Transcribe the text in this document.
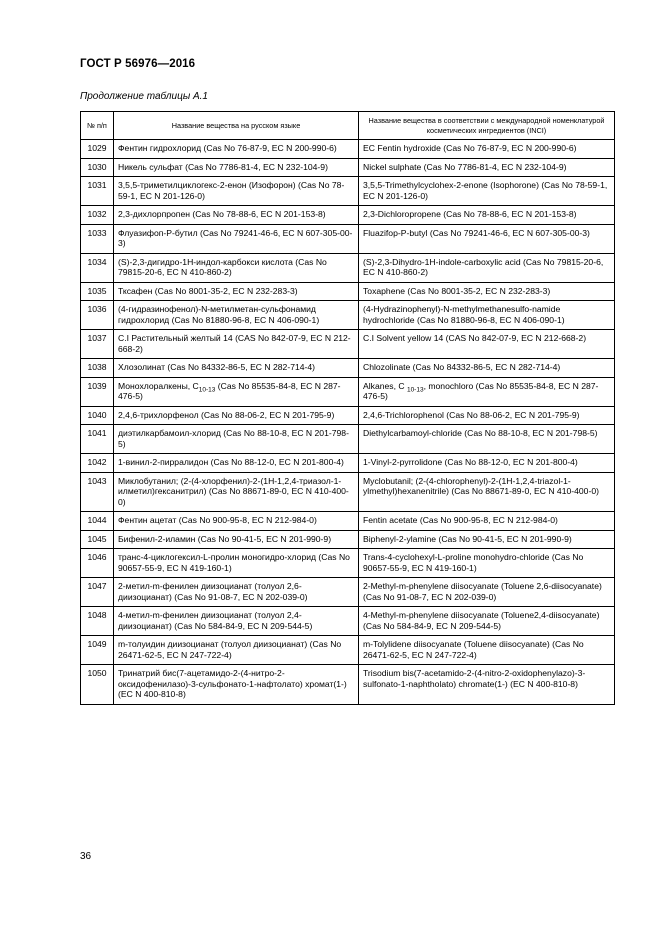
ГОСТ Р 56976—2016
Продолжение таблицы А.1
№ п/п	Название вещества на русском языке	Название вещества в соответствии с международной номенклатурой косметических ингредиентов (INCI)
1029	Фентин гидрохлорид (Cas No 76-87-9, EC N 200-990-6)	EC Fentin hydroxide (Cas No 76-87-9, EC N 200-990-6)
1030	Никель сульфат (Cas No 7786-81-4, EC N 232-104-9)	Nickel sulphate (Cas No 7786-81-4, EC N 232-104-9)
1031	3,5,5-триметилциклогекс-2-енон (Изофорон) (Cas No 78-59-1, EC N 201-126-0)	3,5,5-Trimethylcyclohex-2-enone (Isophorone) (Cas No 78-59-1, EC N 201-126-0)
1032	2,3-дихлорпропен (Cas No 78-88-6, EC N 201-153-8)	2,3-Dichloropropene (Cas No 78-88-6, EC N 201-153-8)
1033	Флуазифоп-Р-бутил (Cas No 79241-46-6, EC N 607-305-00-3)	Fluazifop-P-butyl (Cas No 79241-46-6, EC N 607-305-00-3)
1034	(S)-2,3-дигидро-1H-индол-карбокси кислота (Cas No 79815-20-6, EC N 410-860-2)	(S)-2,3-Dihydro-1H-indole-carboxylic acid (Cas No 79815-20-6, EC N 410-860-2)
1035	Тксафен (Cas No 8001-35-2, EC N 232-283-3)	Toxaphene (Cas No 8001-35-2, EC N 232-283-3)
1036	(4-гидразинофенол)-N-метилметан-сульфонамид гидрохлорид (Cas No 81880-96-8, EC N 406-090-1)	(4-Hydrazinophenyl)-N-methylmethanesulfo-namide hydrochloride (Cas No 81880-96-8, EC N 406-090-1)
1037	C.I Растительный желтый 14 (CAS No 842-07-9, EC N 212-668-2)	C.I Solvent yellow 14 (CAS No 842-07-9, EC N 212-668-2)
1038	Хлозолинат (Cas No 84332-86-5, EC N 282-714-4)	Chlozolinate (Cas No 84332-86-5, EC N 282-714-4)
1039	Монохлоралкены, $C_{10-13}$ (Cas No 85535-84-8, EC N 287-476-5)	Alkanes, C $_{10-13}$, monochloro (Cas No 85535-84-8, EC N 287-476-5)
1040	2,4,6-трихлорфенол (Cas No 88-06-2, EC N 201-795-9)	2,4,6-Trichlorophenol (Cas No 88-06-2, EC N 201-795-9)
1041	диэтилкарбамоил-хлорид (Cas No 88-10-8, EC N 201-798-5)	Diethylcarbamoyl-chloride (Cas No 88-10-8, EC N 201-798-5)
1042	1-винил-2-пирралидон (Cas No 88-12-0, EC N 201-800-4)	1-Vinyl-2-pyrrolidone (Cas No 88-12-0, EC N 201-800-4)
1043	Миклобутанил; (2-(4-хлорфенил)-2-(1H-1,2,4-триазол-1-илметил)гексанитрил) (Cas No 88671-89-0, EC N 410-400-0)	Myclobutanil; (2-(4-chlorophenyl)-2-(1H-1,2,4-triazol-1-ylmethyl)hexanenitrile) (Cas No 88671-89-0, EC N 410-400-0)
1044	Фентин ацетат (Cas No 900-95-8, EC N 212-984-0)	Fentin acetate (Cas No 900-95-8, EC N 212-984-0)
1045	Бифенил-2-иламин (Cas No 90-41-5, EC N 201-990-9)	Biphenyl-2-ylamine (Cas No 90-41-5, EC N 201-990-9)
1046	транс-4-циклогексил-L-пролин моногидро-хлорид (Cas No 90657-55-9, EC N 419-160-1)	Trans-4-cyclohexyl-L-proline monohydro-chloride (Cas No 90657-55-9, EC N 419-160-1)
1047	2-метил-m-фенилен диизоцианат (толуол 2,6-диизоцианат) (Cas No 91-08-7, EC N 202-039-0)	2-Methyl-m-phenylene diisocyanate (Toluene 2,6-diisocyanate) (Cas No 91-08-7, EC N 202-039-0)
1048	4-метил-m-фенилен диизоцианат (толуол 2,4-диизоцианат) (Cas No 584-84-9, EC N 209-544-5)	4-Methyl-m-phenylene diisocyanate (Toluene2,4-diisocyanate) (Cas No 584-84-9, EC N 209-544-5)
1049	m-толуидин диизоцианат (толуол диизоцианат) (Cas No 26471-62-5, EC N 247-722-4)	m-Tolylidene diisocyanate (Toluene diisocyanate) (Cas No 26471-62-5, EC N 247-722-4)
1050	Тринатрий бис(7-ацетамидо-2-(4-нитро-2-оксидофенилазо)-3-сульфонато-1-нафтолато) хромат(1-) (EC N 400-810-8)	Trisodium bis(7-acetamido-2-(4-nitro-2-oxidophenylazo)-3-sulfonato-1-naphtholato) chromate(1-) (EC N 400-810-8)
36
